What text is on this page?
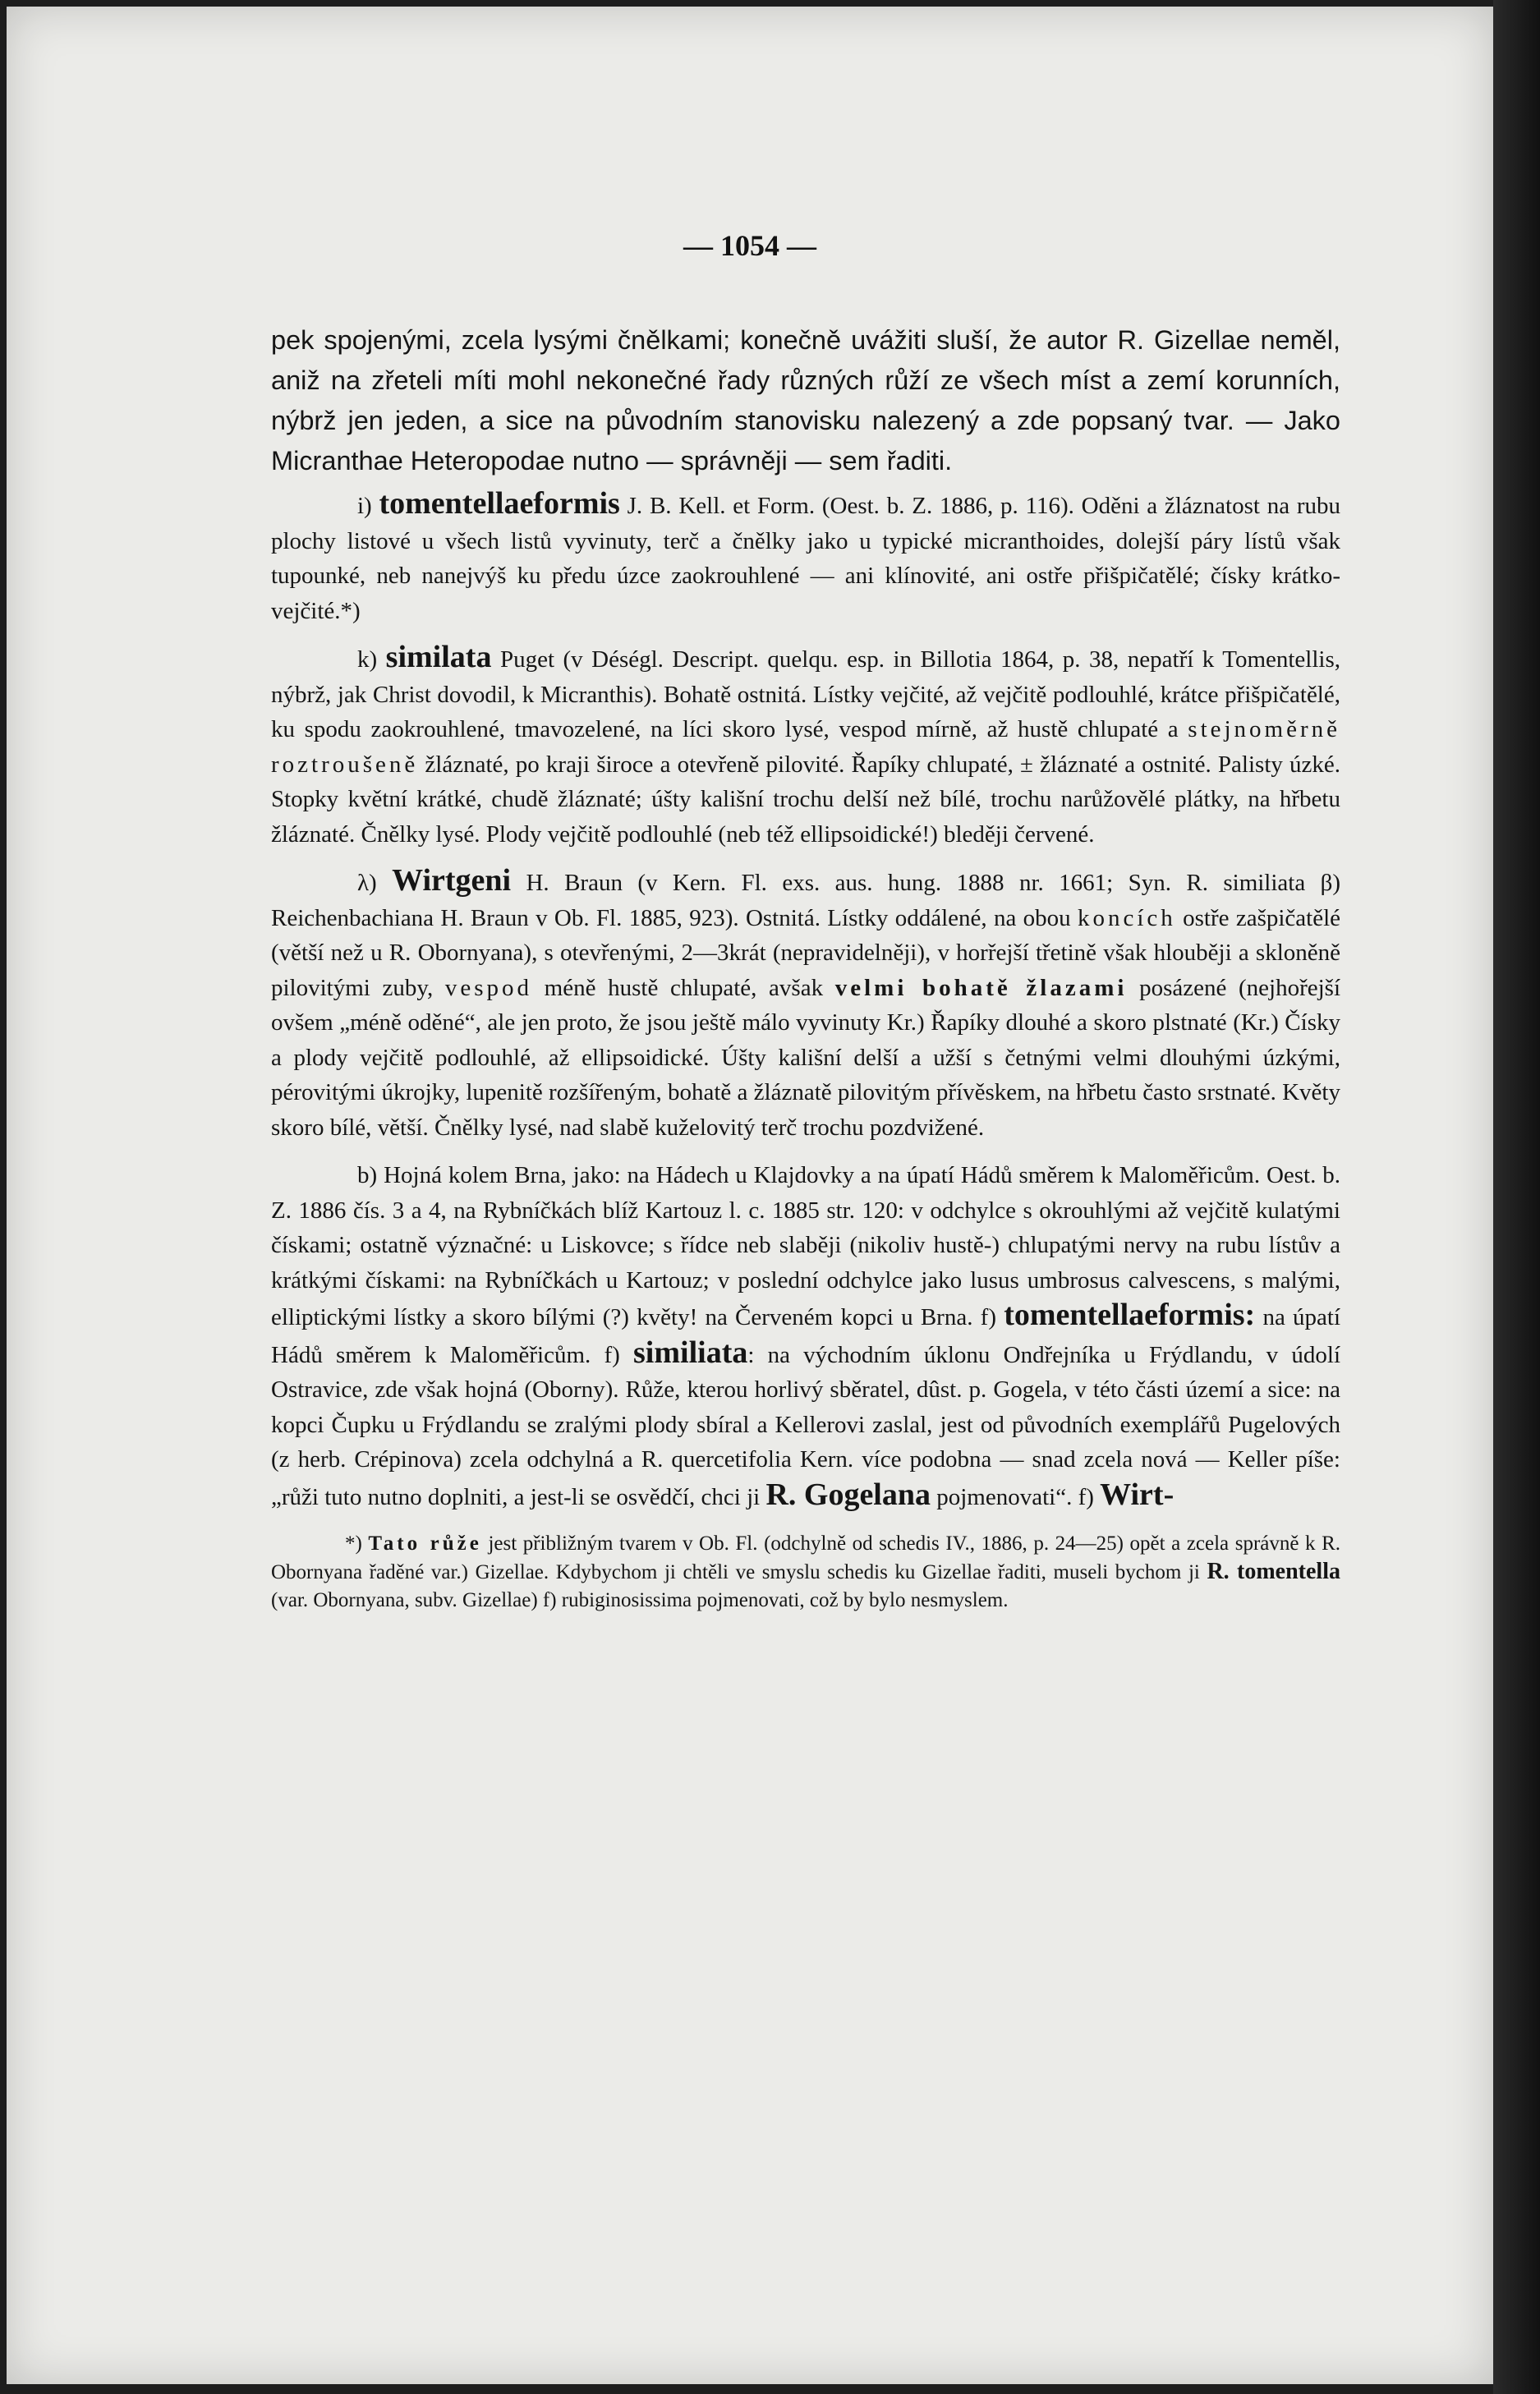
— 1054 —

pek spojenými, zcela lysými čnělkami; konečně uvážiti sluší, že autor R. Gizellae neměl, aniž na zřeteli míti mohl nekonečné řady různých růží ze všech míst a zemí korunních, nýbrž jen jeden, a sice na původním stanovisku nalezený a zde popsaný tvar. — Jako Micranthae Heteropodae nutno — správněji — sem řaditi.

i) tomentellaeformis J. B. Kell. et Form. (Oest. b. Z. 1886, p. 116). Oděni a žláznatost na rubu plochy listové u všech listů vyvinuty, terč a čnělky jako u typické micranthoides, dolejší páry lístů však tupounké, neb nanejvýš ku předu úzce zaokrouhlené — ani klínovité, ani ostře přišpičatělé; čísky krátko-vejčité.*)

k) similata Puget (v Déségl. Descript. quelqu. esp. in Billotia 1864, p. 38, nepatří k Tomentellis, nýbrž, jak Christ dovodil, k Micranthis). Bohatě ostnitá. Lístky vejčité, až vejčitě podlouhlé, krátce přišpičatělé, ku spodu zaokrouhlené, tmavozelené, na líci skoro lysé, vespod mírně, až hustě chlupaté a stejnoměrně roztroušeně žláznaté, po kraji široce a otevřeně pilovité. Řapíky chlupaté, ± žláznaté a ostnité. Palisty úzké. Stopky květní krátké, chudě žláznaté; úšty kališní trochu delší než bílé, trochu narůžovělé plátky, na hřbetu žláznaté. Čnělky lysé. Plody vejčitě podlouhlé (neb též ellipsoidické!) bleději červené.

λ) Wirtgeni H. Braun (v Kern. Fl. exs. aus. hung. 1888 nr. 1661; Syn. R. similiata β) Reichenbachiana H. Braun v Ob. Fl. 1885, 923). Ostnitá. Lístky oddálené, na obou koncích ostře zašpičatělé (větší než u R. Obornyana), s otevřenými, 2—3krát (nepravidelněji), v horřejší třetině však hlouběji a skloněně pilovitými zuby, vespod méně hustě chlupaté, avšak velmi bohatě žlazami posázené (nejhořejší ovšem „méně oděné“, ale jen proto, že jsou ještě málo vyvinuty Kr.) Řapíky dlouhé a skoro plstnaté (Kr.) Čísky a plody vejčitě podlouhlé, až ellipsoidické. Úšty kališní delší a užší s četnými velmi dlouhými úzkými, pérovitými úkrojky, lupenitě rozšířeným, bohatě a žláznatě pilovitým přívěskem, na hřbetu často srstnaté. Květy skoro bílé, větší. Čnělky lysé, nad slabě kuželovitý terč trochu pozdvižené.

b) Hojná kolem Brna, jako: na Hádech u Klajdovky a na úpatí Hádů směrem k Maloměřicům. Oest. b. Z. 1886 čís. 3 a 4, na Rybníčkách blíž Kartouz l. c. 1885 str. 120: v odchylce s okrouhlými až vejčitě kulatými čískami; ostatně význačné: u Liskovce; s řídce neb slaběji (nikoliv hustě-) chlupatými nervy na rubu lístův a krátkými čískami: na Rybníčkách u Kartouz; v poslední odchylce jako lusus umbrosus calvescens, s malými, elliptickými lístky a skoro bílými (?) květy! na Červeném kopci u Brna. f) tomentellaeformis: na úpatí Hádů směrem k Maloměřicům. f) similiata: na východním úklonu Ondřejníka u Frýdlandu, v údolí Ostravice, zde však hojná (Oborny). Růže, kterou horlivý sběratel, dûst. p. Gogela, v této části území a sice: na kopci Čupku u Frýdlandu se zralými plody sbíral a Kellerovi zaslal, jest od původních exemplářů Pugelových (z herb. Crépinova) zcela odchylná a R. quercetifolia Kern. více podobna — snad zcela nová — Keller píše: „růži tuto nutno doplniti, a jest-li se osvědčí, chci ji R. Gogelana pojmenovati“. f) Wirt-

*) Tato růže jest přibližným tvarem v Ob. Fl. (odchylně od schedis IV., 1886, p. 24—25) opět a zcela správně k R. Obornyana řaděné var.) Gizellae. Kdybychom ji chtěli ve smyslu schedis ku Gizellae řaditi, museli bychom ji R. tomentella (var. Obornyana, subv. Gizellae) f) rubiginosissima pojmenovati, což by bylo nesmyslem.
